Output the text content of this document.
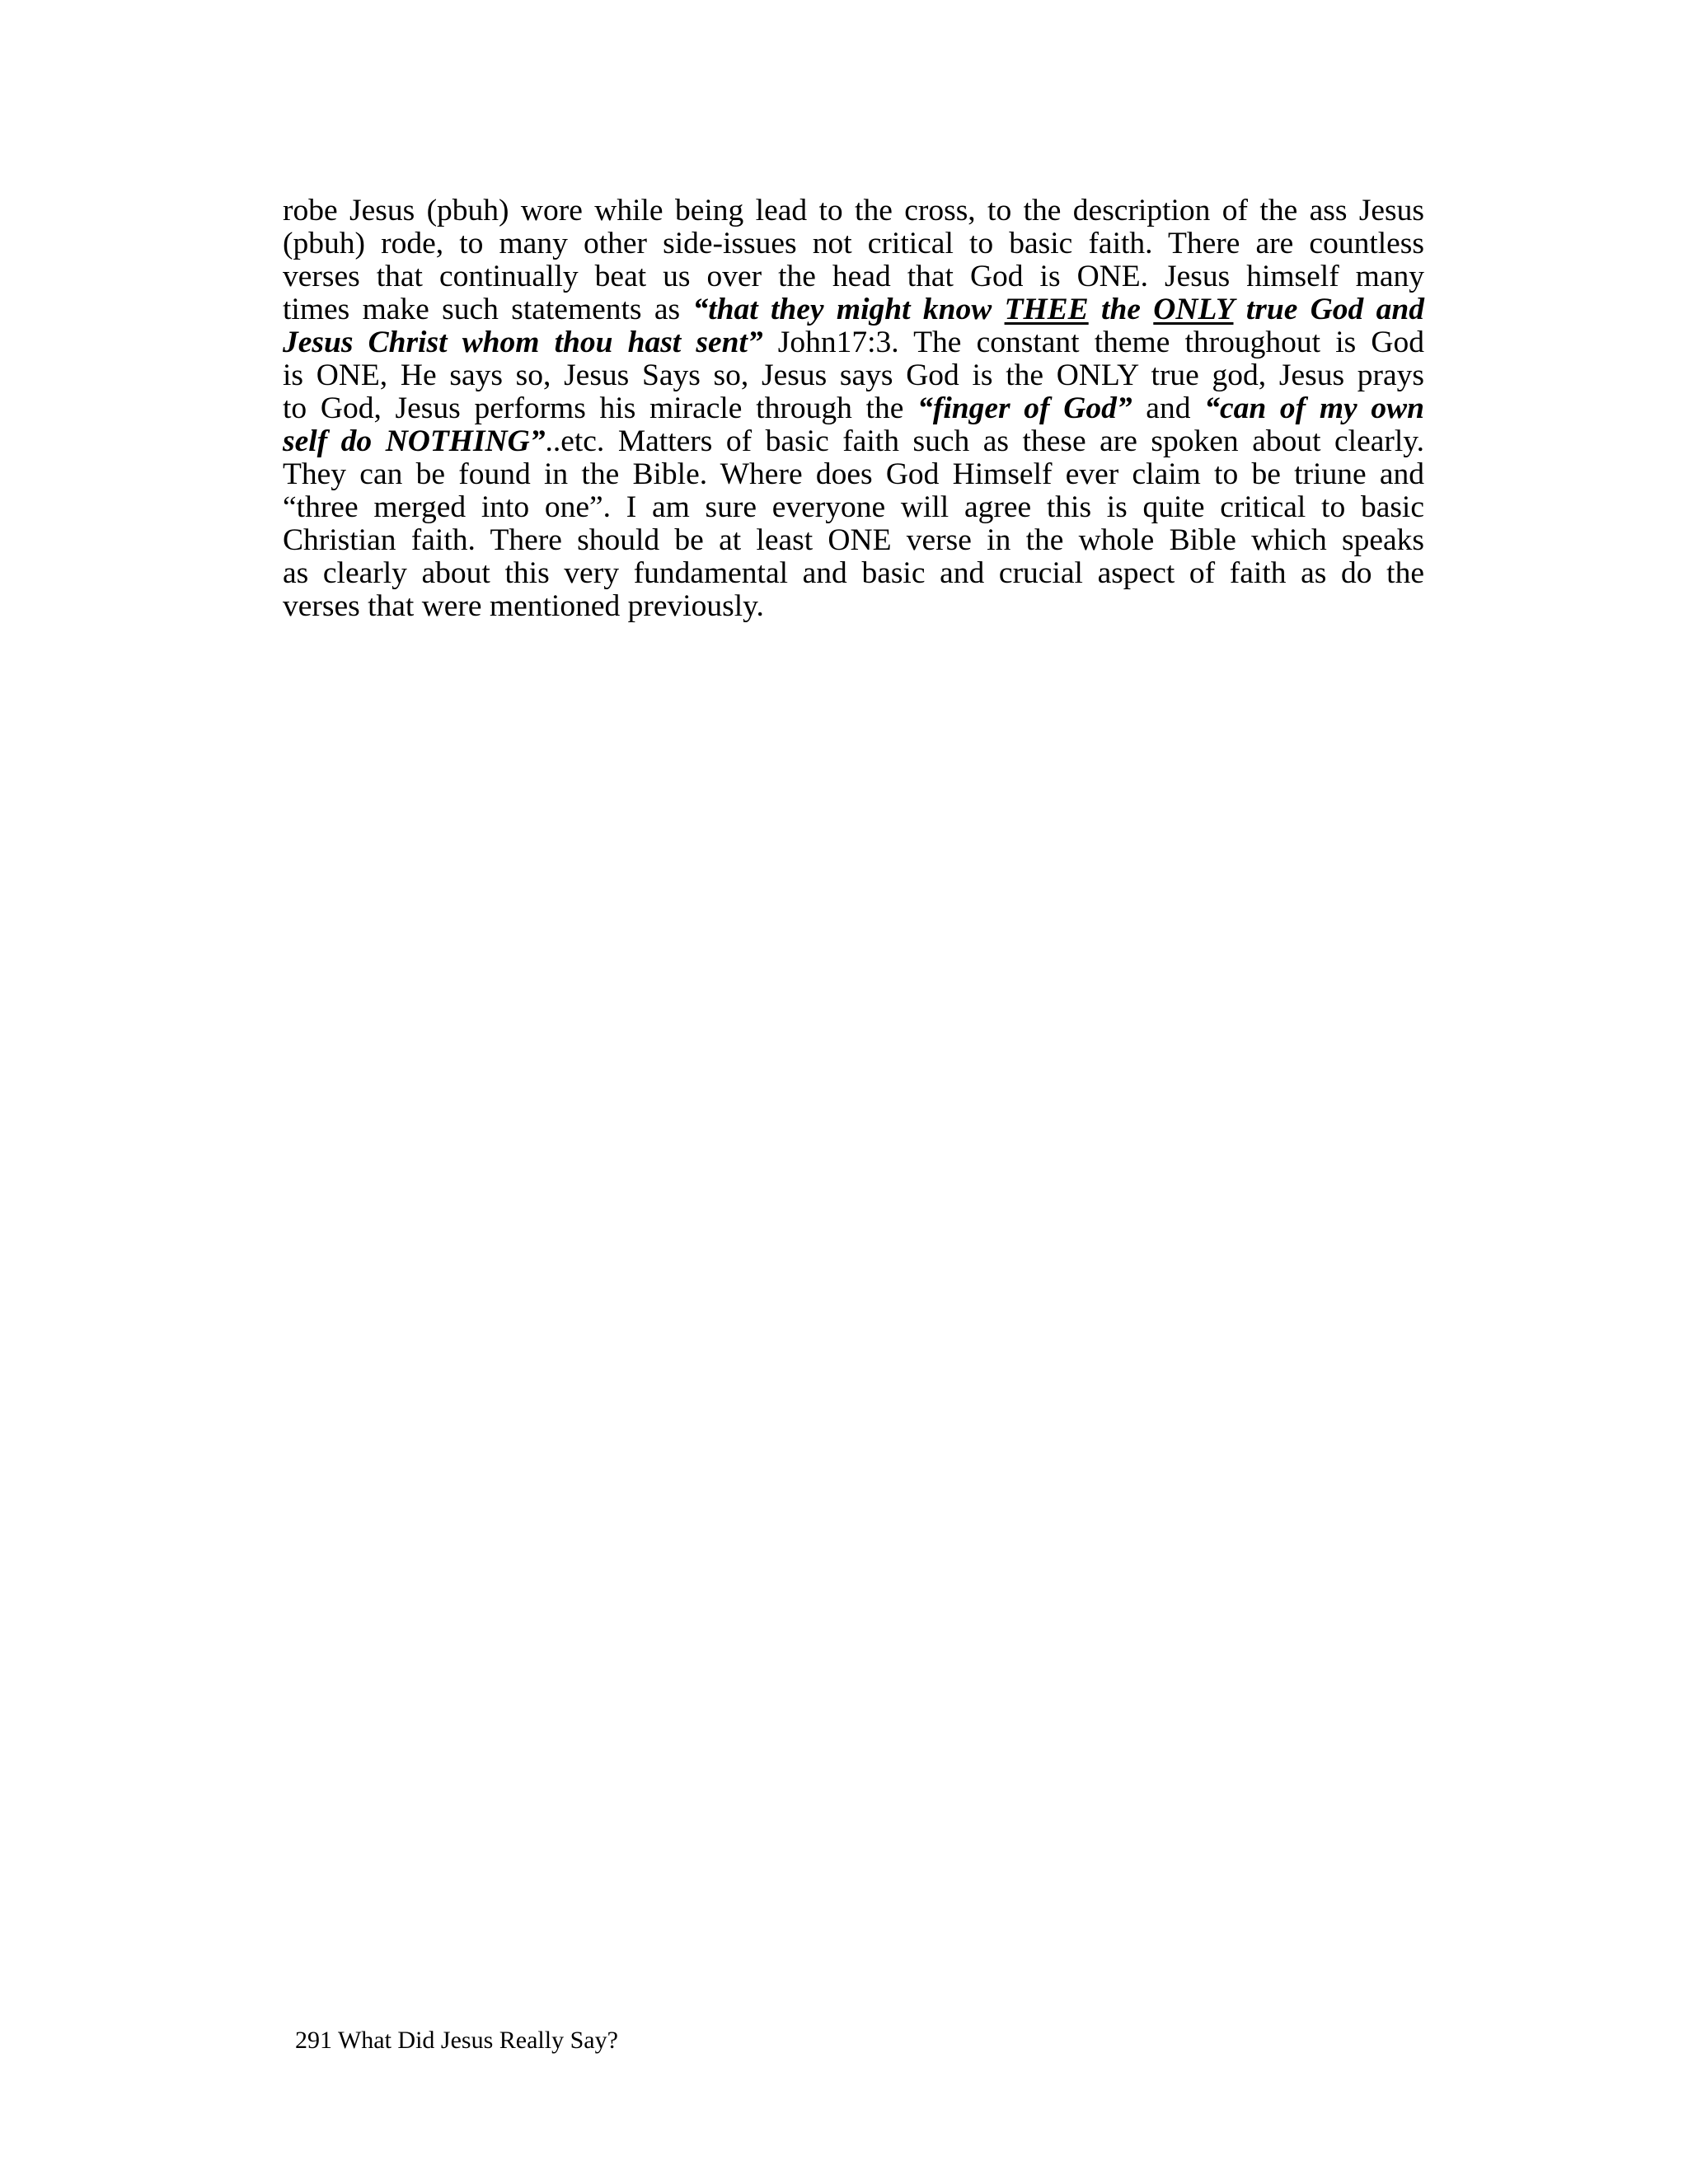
robe Jesus (pbuh) wore while being lead to the cross, to the description of the ass Jesus
(pbuh) rode, to many other side-issues not critical to basic faith. There are countless
verses that continually beat us over the head that God is ONE. Jesus himself many
times make such statements as “that they might know THEE the ONLY true God and
Jesus Christ whom thou hast sent” John17:3. The constant theme throughout is God
is ONE, He says so, Jesus Says so, Jesus says God is the ONLY true god, Jesus prays
to God, Jesus performs his miracle through the “finger of God” and “can of my own
self do NOTHING”..etc. Matters of basic faith such as these are spoken about clearly.
They can be found in the Bible. Where does God Himself ever claim to be triune and
“three merged into one”. I am sure everyone will agree this is quite critical to basic
Christian faith. There should be at least ONE verse in the whole Bible which speaks
as clearly about this very fundamental and basic and crucial aspect of faith as do the
verses that were mentioned previously.
291 What Did Jesus Really Say?
